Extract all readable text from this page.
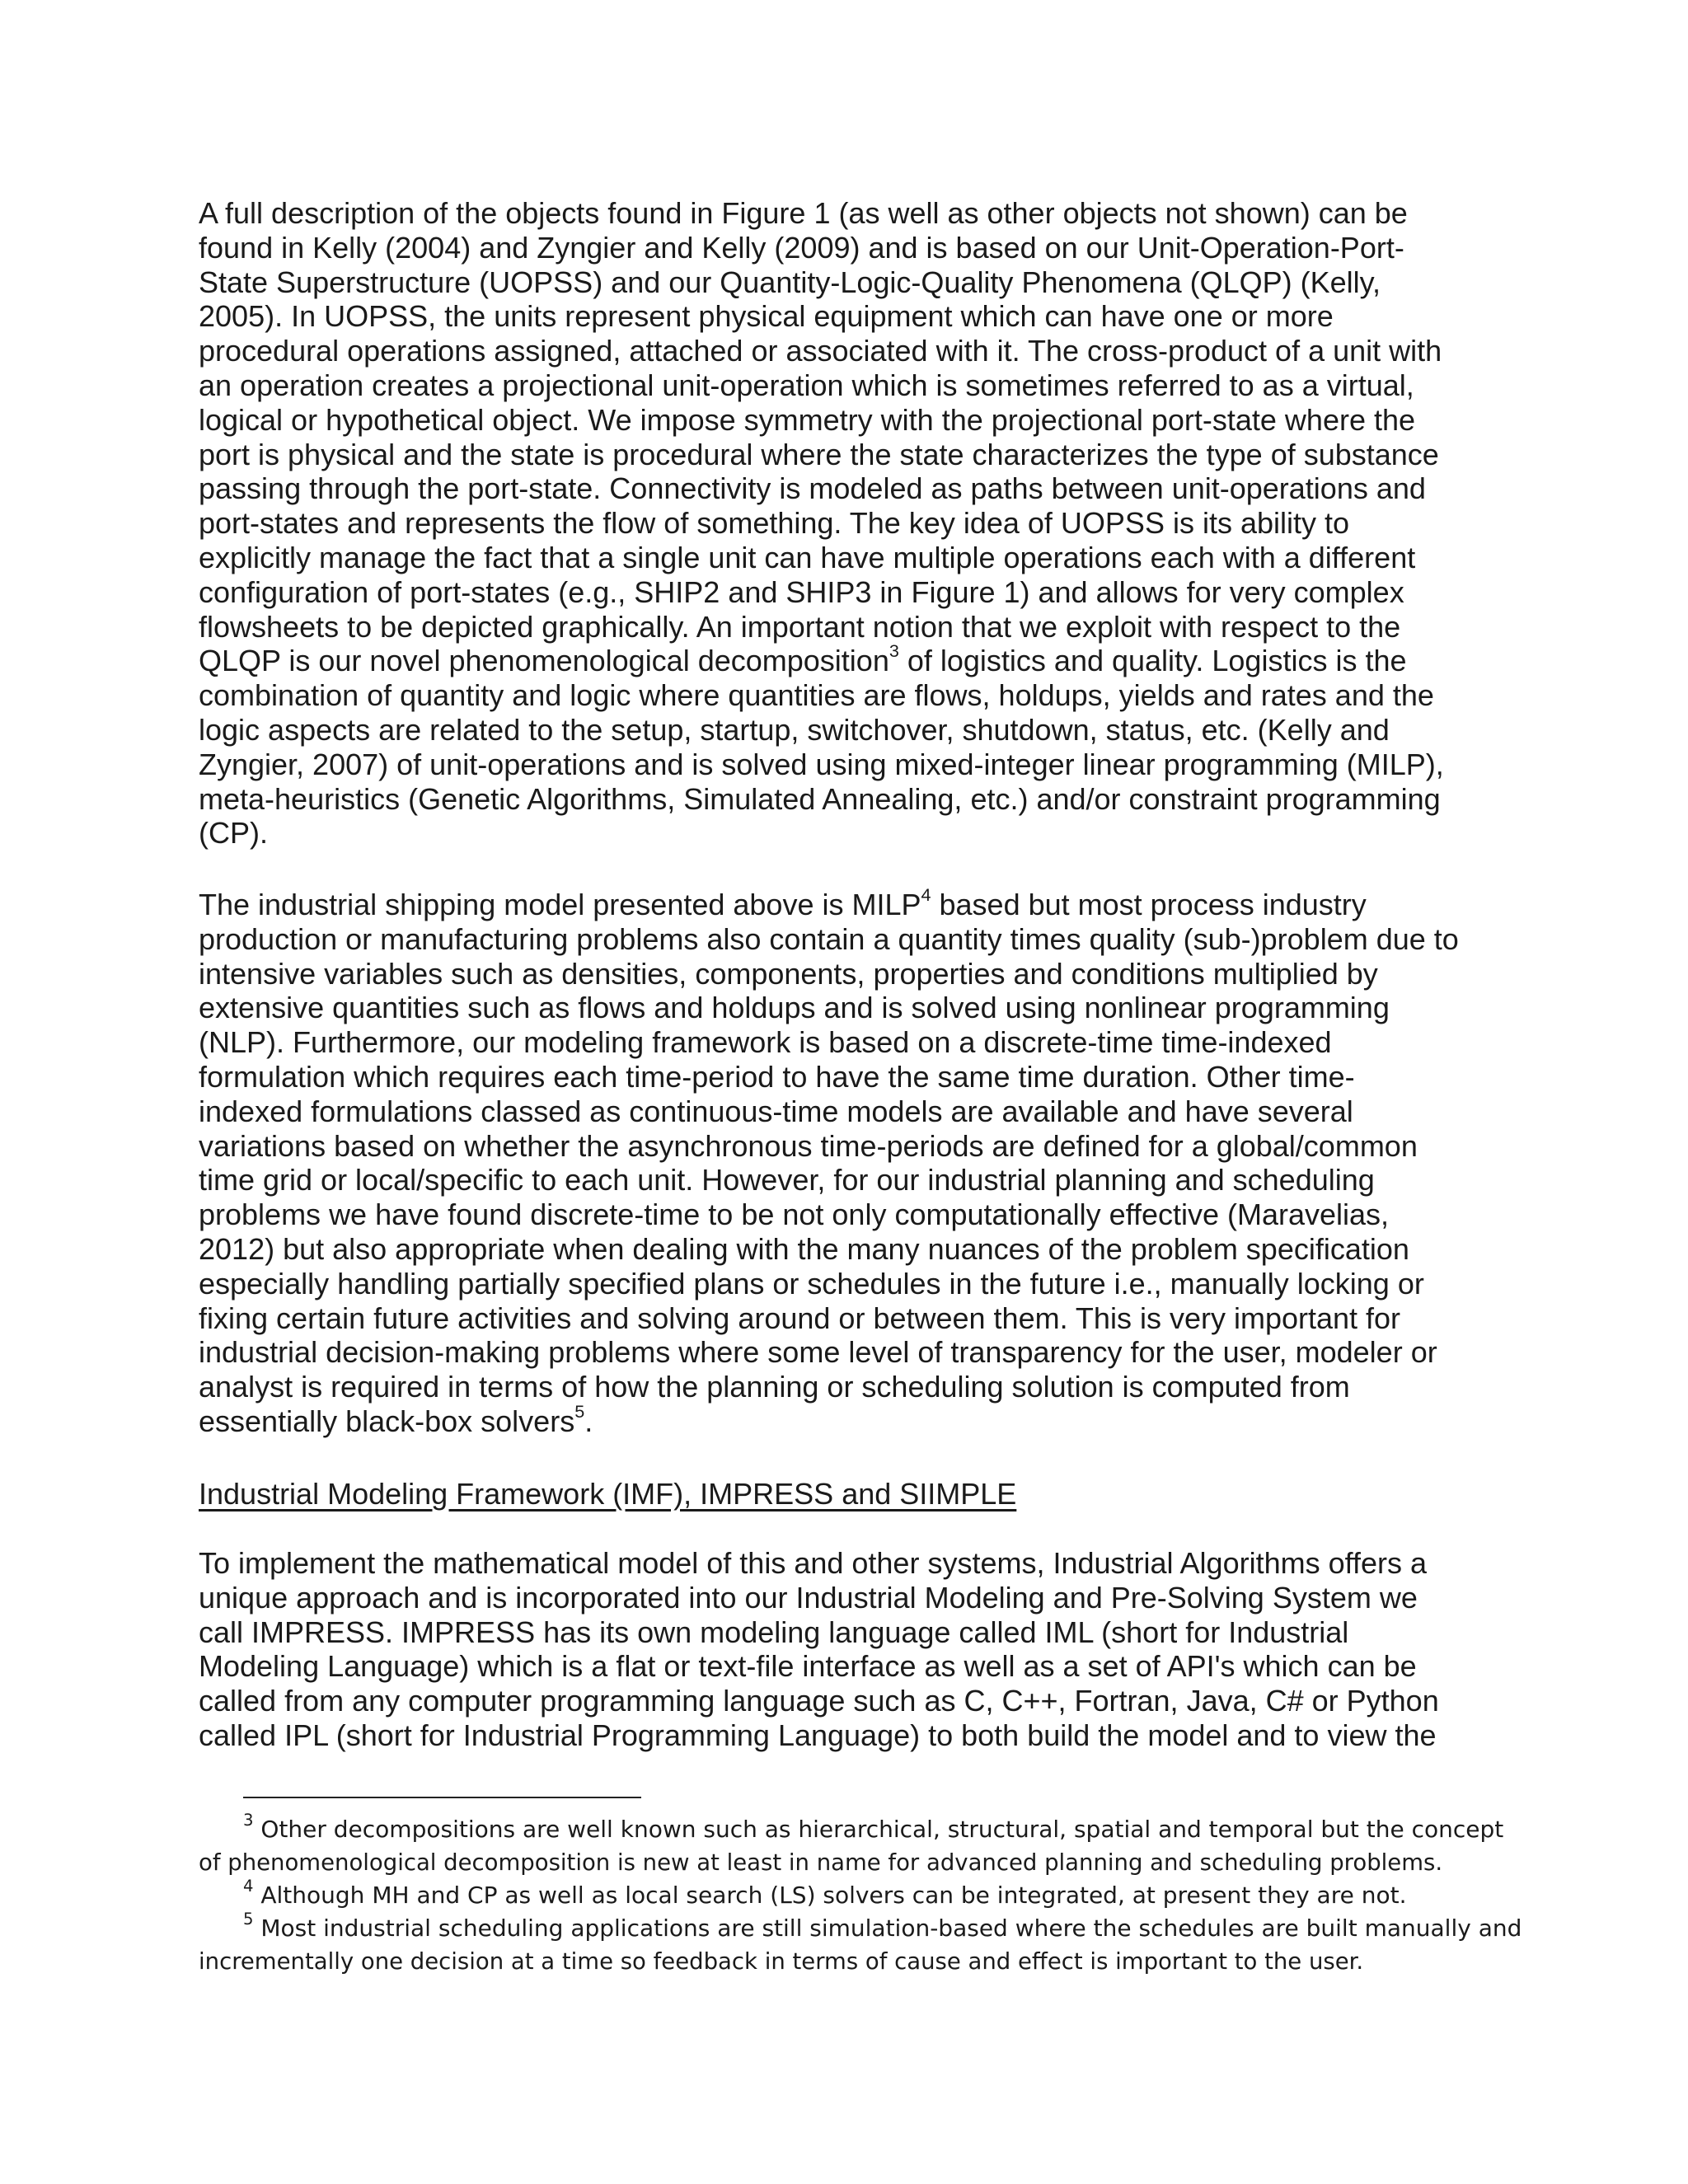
A full description of the objects found in Figure 1 (as well as other objects not shown) can be
found in Kelly (2004) and Zyngier and Kelly (2009) and is based on our Unit-Operation-Port-
State Superstructure (UOPSS) and our Quantity-Logic-Quality Phenomena (QLQP) (Kelly,
2005). In UOPSS, the units represent physical equipment which can have one or more
procedural operations assigned, attached or associated with it. The cross-product of a unit with
an operation creates a projectional unit-operation which is sometimes referred to as a virtual,
logical or hypothetical object. We impose symmetry with the projectional port-state where the
port is physical and the state is procedural where the state characterizes the type of substance
passing through the port-state. Connectivity is modeled as paths between unit-operations and
port-states and represents the flow of something. The key idea of UOPSS is its ability to
explicitly manage the fact that a single unit can have multiple operations each with a different
configuration of port-states (e.g., SHIP2 and SHIP3 in Figure 1) and allows for very complex
flowsheets to be depicted graphically. An important notion that we exploit with respect to the
QLQP is our novel phenomenological decomposition$^3$ of logistics and quality. Logistics is the
combination of quantity and logic where quantities are flows, holdups, yields and rates and the
logic aspects are related to the setup, startup, switchover, shutdown, status, etc. (Kelly and
Zyngier, 2007) of unit-operations and is solved using mixed-integer linear programming (MILP),
meta-heuristics (Genetic Algorithms, Simulated Annealing, etc.) and/or constraint programming
(CP).
The industrial shipping model presented above is MILP$^4$ based but most process industry
production or manufacturing problems also contain a quantity times quality (sub-)problem due to
intensive variables such as densities, components, properties and conditions multiplied by
extensive quantities such as flows and holdups and is solved using nonlinear programming
(NLP). Furthermore, our modeling framework is based on a discrete-time time-indexed
formulation which requires each time-period to have the same time duration. Other time-
indexed formulations classed as continuous-time models are available and have several
variations based on whether the asynchronous time-periods are defined for a global/common
time grid or local/specific to each unit. However, for our industrial planning and scheduling
problems we have found discrete-time to be not only computationally effective (Maravelias,
2012) but also appropriate when dealing with the many nuances of the problem specification
especially handling partially specified plans or schedules in the future i.e., manually locking or
fixing certain future activities and solving around or between them. This is very important for
industrial decision-making problems where some level of transparency for the user, modeler or
analyst is required in terms of how the planning or scheduling solution is computed from
essentially black-box solvers$^5$.
Industrial Modeling Framework (IMF), IMPRESS and SIIMPLE
To implement the mathematical model of this and other systems, Industrial Algorithms offers a
unique approach and is incorporated into our Industrial Modeling and Pre-Solving System we
call IMPRESS. IMPRESS has its own modeling language called IML (short for Industrial
Modeling Language) which is a flat or text-file interface as well as a set of API's which can be
called from any computer programming language such as C, C++, Fortran, Java, C# or Python
called IPL (short for Industrial Programming Language) to both build the model and to view the
$^3$ Other decompositions are well known such as hierarchical, structural, spatial and temporal but the concept
of phenomenological decomposition is new at least in name for advanced planning and scheduling problems.
$^4$ Although MH and CP as well as local search (LS) solvers can be integrated, at present they are not.
$^5$ Most industrial scheduling applications are still simulation-based where the schedules are built manually and
incrementally one decision at a time so feedback in terms of cause and effect is important to the user.
